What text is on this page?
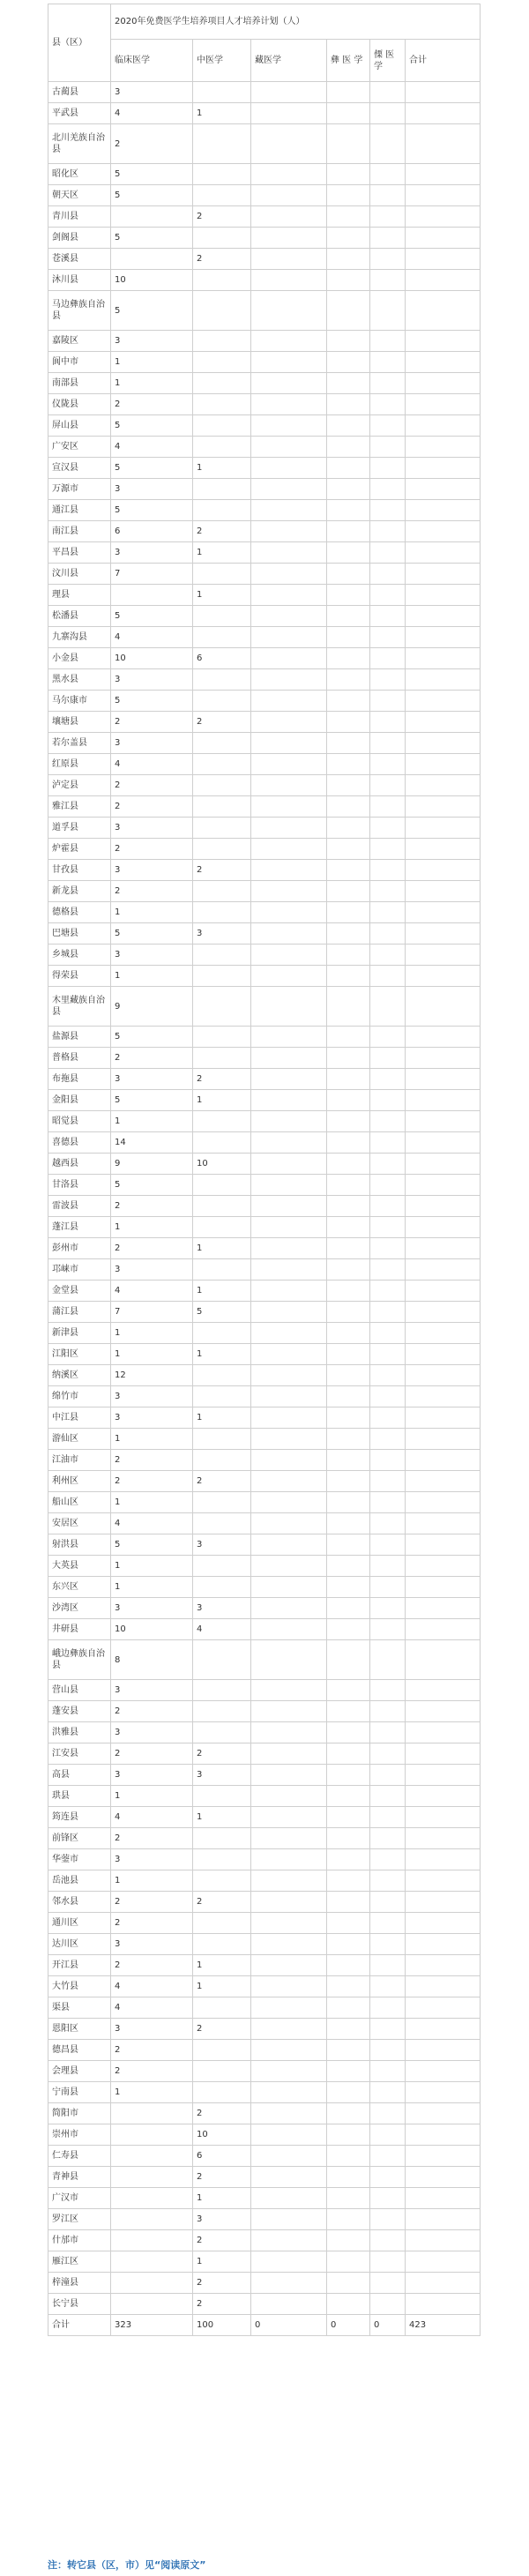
县（区）	2020年免费医学生培养项目人才培养计划（人）					
	临床医学	中医学	藏医学	彝 医 学	傈 医 学	合计
古蔺县	3					
平武县	4	1				
北川羌族自治县	2					
昭化区	5					
朝天区	5					
青川县		2				
剑阁县	5					
苍溪县		2				
沐川县	10					
马边彝族自治县	5					
嘉陵区	3					
阆中市	1					
南部县	1					
仪陇县	2					
屏山县	5					
广安区	4					
宣汉县	5	1				
万源市	3					
通江县	5					
南江县	6	2				
平昌县	3	1				
汶川县	7					
理县		1				
松潘县	5					
九寨沟县	4					
小金县	10	6				
黑水县	3					
马尔康市	5					
壤塘县	2	2				
若尔盖县	3					
红原县	4					
泸定县	2					
雅江县	2					
道孚县	3					
炉霍县	2					
甘孜县	3	2				
新龙县	2					
德格县	1					
巴塘县	5	3				
乡城县	3					
得荣县	1					
木里藏族自治县	9					
盐源县	5					
普格县	2					
布拖县	3	2				
金阳县	5	1				
昭觉县	1					
喜德县	14					
越西县	9	10				
甘洛县	5					
雷波县	2					
蓬江县	1					
彭州市	2	1				
邛崃市	3					
金堂县	4	1				
蒲江县	7	5				
新津县	1					
江阳区	1	1				
纳溪区	12					
绵竹市	3					
中江县	3	1				
游仙区	1					
江油市	2					
利州区	2	2				
船山区	1					
安居区	4					
射洪县	5	3				
大英县	1					
东兴区	1					
沙湾区	3	3				
井研县	10	4				
峨边彝族自治县	8					
营山县	3					
蓬安县	2					
洪雅县	3					
江安县	2	2				
高县	3	3				
珙县	1					
筠连县	4	1				
前锋区	2					
华蓥市	3					
岳池县	1					
邻水县	2	2				
通川区	2					
达川区	3					
开江县	2	1				
大竹县	4	1				
渠县	4					
恩阳区	3	2				
德昌县	2					
会理县	2					
宁南县	1					
简阳市		2				
崇州市		10				
仁寿县		6				
青神县		2				
广汉市		1				
罗江区		3				
什邡市		2				
雁江区		1				
梓潼县		2				
长宁县		2				
合计	323	100	0	0	0	423
注：转它县（区，市）见“阅读原文”
